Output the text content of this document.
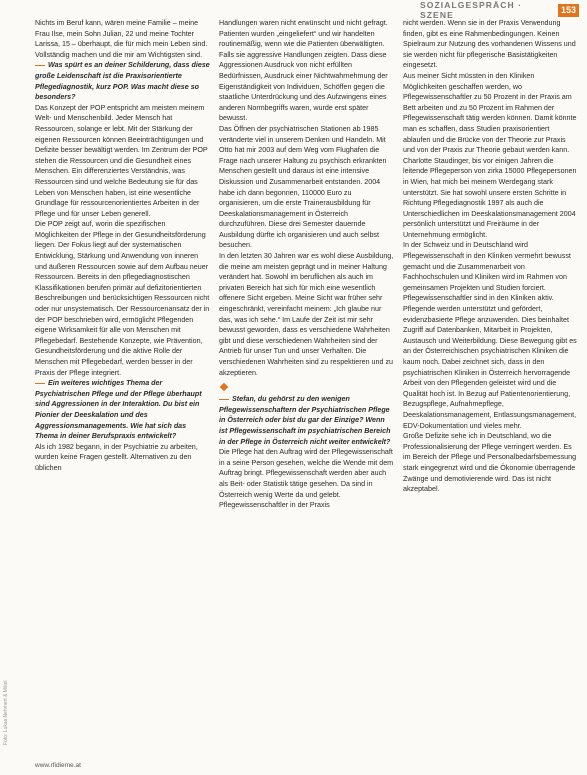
SOZIALGESPRÄCH · SZENE
153

Nichts im Beruf kann, wären meine Familie – meine Frau Ilse, mein Sohn Julian, 22 und meine Tochter Larissa, 15 – überhaupt, die für mich mein Leben sind. Vollständig machen und die mir am Wichtigsten sind.

Was spürt es an deiner Schilderung, dass diese große Leidenschaft ist die Praxisorientierte Pflegediagnostik, kurz POP. Was macht diese so besonders?

Das Konzept der POP entspricht am meisten meinem Welt- und Menschenbild. Jeder Mensch hat Ressourcen, solange er lebt. Mit der Stärkung der eigenen Ressourcen können Beeinträchtigungen und Defizite besser bewältigt werden. Im Zentrum der POP stehen die Ressourcen und die Gesundheit eines Menschen. Ein differenziertes Verständnis, was Ressourcen sind und welche Bedeutung sie für das Leben von Menschen haben, ist eine wesentliche Grundlage für ressourcenorientiertes Arbeiten in der Pflege und für unser Leben generell.

Die POP zeigt auf, worin die spezifischen Möglichkeiten der Pflege in der Gesundheitsförderung liegen. Der Fokus liegt auf der systematischen Entwicklung, Stärkung und Anwendung von inneren und äußeren Ressourcen sowie auf dem Aufbau neuer Ressourcen. Bereits in den pflegediagnostischen Klassifikationen berufen primär auf defizitorientierten Beschreibungen und berücksichtigen Ressourcen nicht oder nur unsystematisch. Der Ressourcenansatz der in der POP beschrieben wird, ermöglicht Pflegenden eigene Wirksamkeit für alle von Menschen mit Pflegebedarf. Bestehende Konzepte, wie Prävention, Gesundheitsförderung und die aktive Rolle der Menschen mit Pflegebedarf, werden besser in der Praxis der Pflege integriert.

Ein weiteres wichtiges Thema der Psychiatrischen Pflege und der Pflege überhaupt sind Aggressionen in der Interaktion. Du bist ein Pionier der Deeskalation und des Aggressionsmanagements. Wie hat sich das Thema in deiner Berufspraxis entwickelt?

Als ich 1982 begann, in der Psychiatrie zu arbeiten, wurden keine Fragen gestellt. Alternativen zu den üblichen

Handlungen waren nicht erwünscht und nicht gefragt. Patienten wurden „eingeliefert“ und wir handelten routinemäßig, wenn wie die Patienten überwältigten. Falls sie aggressive Handlungen zeigten. Dass diese Aggressionen Ausdruck von nicht erfüllten Bedürfnissen, Ausdruck einer Nichtwahrnehmung der Eigenständigkeit von Individuen, Schöffen gegen die staatliche Unterdrückung und des Aufzwingens eines anderen Normbegriffs waren, wurde erst später bewusst.

Das Öffnen der psychiatrischen Stationen ab 1985 veränderte viel in unserem Denken und Handeln. Mit Otto hat mir 2003 auf dem Weg vom Flughafen die Frage nach unserer Haltung zu psychisch erkrankten Menschen gestellt und daraus ist eine intensive Diskussion und Zusammenarbeit entstanden. 2004 habe ich dann begonnen, 110000 Euro zu organisieren, um die erste Trainerausbildung für Deeskalationsmanagement in Österreich durchzuführen. Diese drei Semester dauernde Ausbildung dürfte ich organisieren und auch selbst besuchen.

In den letzten 30 Jahren war es wohl diese Ausbildung, die meine am meisten geprägt und in meiner Haltung verändert hat. Sowohl im beruflichen als auch im privaten Bereich hat sich für mich eine wesentlich offenere Sicht ergeben. Meine Sicht war früher sehr eingeschränkt, vereinfacht meinem: „Ich glaube nur das, was ich sehe.“ Im Laufe der Zeit ist mir sehr bewusst geworden, dass es verschiedene Wahrheiten gibt und diese verschiedenen Wahrheiten sind der Antrieb für unser Tun und unser Verhalten. Die verschiedenen Wahrheiten sind zu respektieren und zu akzeptieren.

Stefan, du gehörst zu den wenigen Pflegewissenschaftern der Psychiatrischen Pflege in Österreich oder bist du gar der Einzige? Wenn ist Pflegewissenschaft im psychiatrischen Bereich in der Pflege in Österreich nicht weiter entwickelt?

Die Pflege hat den Auftrag wird der Pflegewissenschaft in a seine Person gesehen, welche die Wende mit dem Auftrag bringt. Pflegewissenschaft werden aber auch als Beit- oder Statistik tätige gesehen. Da sind in Österreich wenig Werte da und gelebt. Pflegewissenschaftler in der Praxis

nicht werden. Wenn sie in der Praxis Verwendung finden, gibt es eine Rahmenbedingungen. Keinen Spielraum zur Nutzung des vorhandenen Wissens und sie werden nicht für pflegerische Basistätigkeiten eingesetzt.

Aus meiner Sicht müssten in den Kliniken Möglichkeiten geschaffen werden, wo Pflegewissenschaftler zu 50 Prozent in der Praxis am Bett arbeiten und zu 50 Prozent im Rahmen der Pflegewissenschaft tätig werden können. Damit könnte man es schaffen, dass Studien praxisorientiert ablaufen und die Brücke von der Theorie zur Praxis und von der Praxis zur Theorie gebaut werden kann. Charlotte Staudinger, bis vor einigen Jahren die leitende Pflegeperson von zirka 15000 Pflegepersonen in Wien, hat mich bei meinem Werdegang stark unterstützt. Sie hat sowohl unsere ersten Schritte in Richtung Pflegediagnostik 1997 als auch die Unterschiedlichen im Deeskalationsmanagement 2004 persönlich unterstützt und Freiräume in der Unternehmung ermöglicht.

In der Schweiz und in Deutschland wird Pflegewissenschaft in den Kliniken vermehrt bewusst gemacht und die Zusammenarbeit von Fachhochschulen und Kliniken wird im Rahmen von gemeinsamen Projekten und Studien forciert. Pflegewissenschaftler sind in den Kliniken aktiv. Pflegende werden unterstützt und gefördert, evidenzbasierte Pflege anzuwenden. Dies beinhaltet Zugriff auf Datenbanken, Mitarbeit in Projekten, Austausch und Weiterbildung. Diese Bewegung gibt es an der Österreichischen psychiatrischen Kliniken die kaum noch. Dabei zeichnet sich, dass in den psychiatrischen Kliniken in Österreich hervorragende Arbeit von den Pflegenden geleistet wird und die Qualität hoch ist. In Bezug auf Patientenorientierung, Bezugspflege, Aufnahmepflege, Deeskalationsmanagement, Entlassungsmanagement, EDV-Dokumentation und vieles mehr.

Große Defizite sehe ich in Deutschland, wo die Professionalisierung der Pflege verringert werden. Es im Bereich der Pflege und Personalbedarfsbemessung stark eingegrenzt wird und die Ökonomie überragende Zwänge und demotivierende wird. Das ist nicht akzeptabel.

www.rfidieme.at
Foto: Lukas Nehmert & Mikel
